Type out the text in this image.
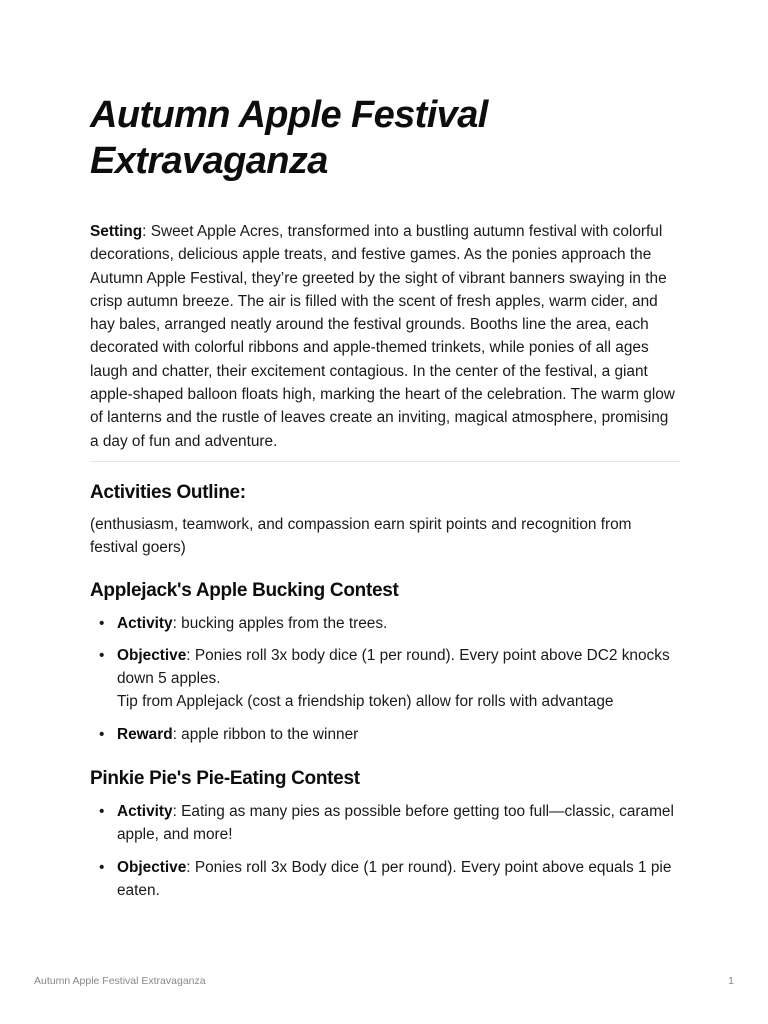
Autumn Apple Festival Extravaganza

Setting: Sweet Apple Acres, transformed into a bustling autumn festival with colorful decorations, delicious apple treats, and festive games. As the ponies approach the Autumn Apple Festival, they’re greeted by the sight of vibrant banners swaying in the crisp autumn breeze. The air is filled with the scent of fresh apples, warm cider, and hay bales, arranged neatly around the festival grounds. Booths line the area, each decorated with colorful ribbons and apple-themed trinkets, while ponies of all ages laugh and chatter, their excitement contagious. In the center of the festival, a giant apple-shaped balloon floats high, marking the heart of the celebration. The warm glow of lanterns and the rustle of leaves create an inviting, magical atmosphere, promising a day of fun and adventure.

Activities Outline:

(enthusiasm, teamwork, and compassion earn spirit points and recognition from festival goers)

Applejack's Apple Bucking Contest
• Activity: bucking apples from the trees.
• Objective: Ponies roll 3x body dice (1 per round). Every point above DC2 knocks down 5 apples.
Tip from Applejack (cost a friendship token) allow for rolls with advantage
• Reward: apple ribbon to the winner
Pinkie Pie's Pie-Eating Contest
• Activity: Eating as many pies as possible before getting too full—classic, caramel apple, and more!
• Objective: Ponies roll 3x Body dice (1 per round). Every point above equals 1 pie eaten.
Autumn Apple Festival Extravaganza	1
